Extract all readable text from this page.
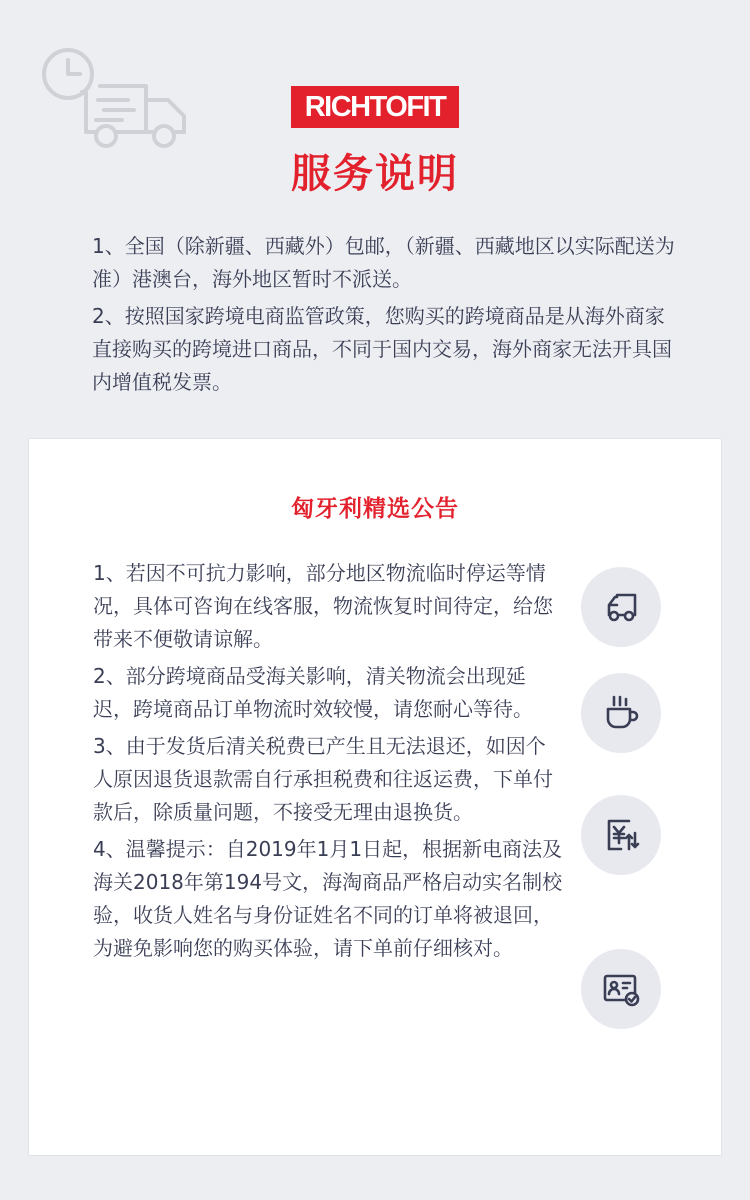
RICHTOFIT
服务说明

1、全国（除新疆、西藏外）包邮，（新疆、西藏地区以实际配送为准）港澳台，海外地区暂时不派送。

2、按照国家跨境电商监管政策，您购买的跨境商品是从海外商家直接购买的跨境进口商品，不同于国内交易，海外商家无法开具国内增值税发票。

匈牙利精选公告

1、若因不可抗力影响，部分地区物流临时停运等情况，具体可咨询在线客服，物流恢复时间待定，给您带来不便敬请谅解。

2、部分跨境商品受海关影响，清关物流会出现延迟，跨境商品订单物流时效较慢，请您耐心等待。

3、由于发货后清关税费已产生且无法退还，如因个人原因退货退款需自行承担税费和往返运费，下单付款后，除质量问题，不接受无理由退换货。

4、温馨提示：自2019年1月1日起，根据新电商法及海关2018年第194号文，海淘商品严格启动实名制校验，收货人姓名与身份证姓名不同的订单将被退回，为避免影响您的购买体验，请下单前仔细核对。
